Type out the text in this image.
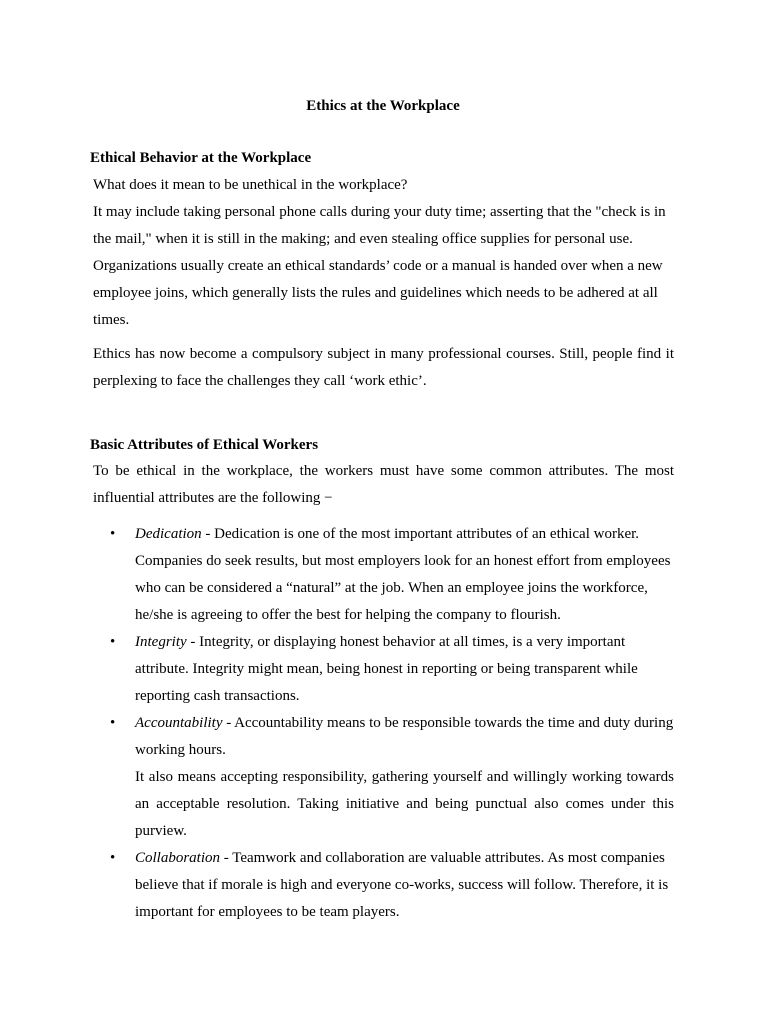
Ethics at the Workplace
Ethical Behavior at the Workplace

What does it mean to be unethical in the workplace?

It may include taking personal phone calls during your duty time; asserting that the "check is in the mail," when it is still in the making; and even stealing office supplies for personal use. Organizations usually create an ethical standards’ code or a manual is handed over when a new employee joins, which generally lists the rules and guidelines which needs to be adhered at all times.

Ethics has now become a compulsory subject in many professional courses. Still, people find it perplexing to face the challenges they call ‘work ethic’.

Basic Attributes of Ethical Workers

To be ethical in the workplace, the workers must have some common attributes. The most influential attributes are the following −

• Dedication - Dedication is one of the most important attributes of an ethical worker. Companies do seek results, but most employers look for an honest effort from employees who can be considered a “natural” at the job. When an employee joins the workforce, he/she is agreeing to offer the best for helping the company to flourish.
• Integrity - Integrity, or displaying honest behavior at all times, is a very important attribute. Integrity might mean, being honest in reporting or being transparent while reporting cash transactions.
• Accountability - Accountability means to be responsible towards the time and duty during working hours.
It also means accepting responsibility, gathering yourself and willingly working towards an acceptable resolution. Taking initiative and being punctual also comes under this purview.
• Collaboration - Teamwork and collaboration are valuable attributes. As most companies believe that if morale is high and everyone co-works, success will follow. Therefore, it is important for employees to be team players.
